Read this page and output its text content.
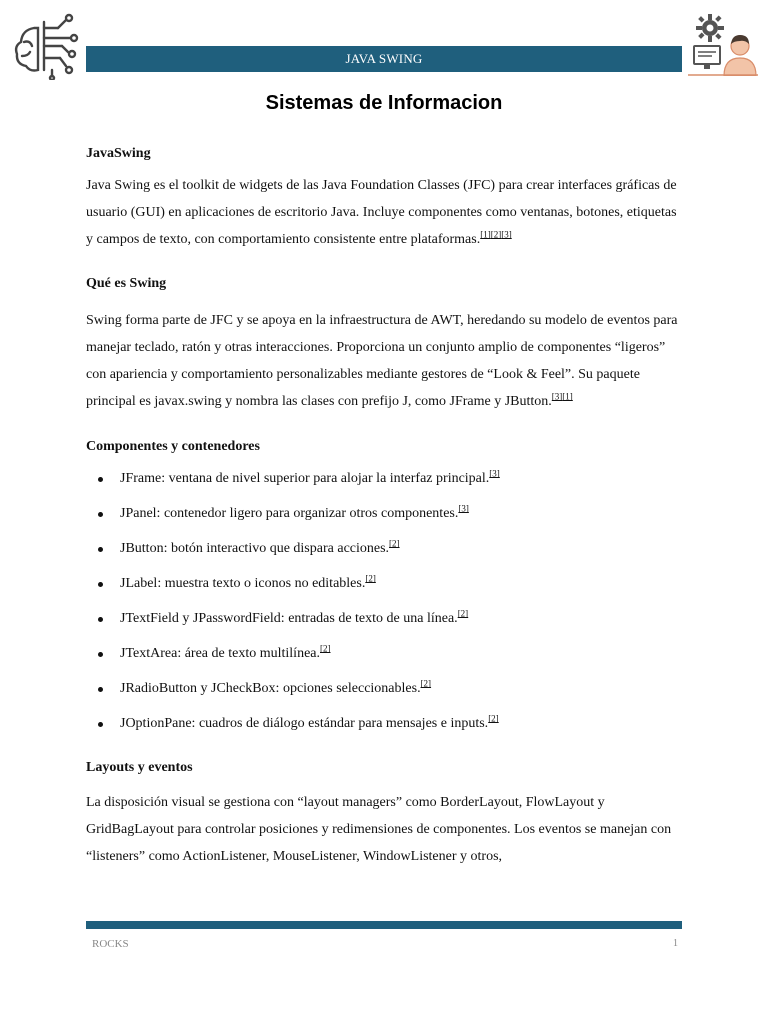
JAVA SWING
Sistemas de Informacion
JavaSwing

Java Swing es el toolkit de widgets de las Java Foundation Classes (JFC) para crear interfaces gráficas de usuario (GUI) en aplicaciones de escritorio Java. Incluye componentes como ventanas, botones, etiquetas y campos de texto, con comportamiento consistente entre plataformas.[1][2][3]

Qué es Swing

Swing forma parte de JFC y se apoya en la infraestructura de AWT, heredando su modelo de eventos para manejar teclado, ratón y otras interacciones. Proporciona un conjunto amplio de componentes “ligeros” con apariencia y comportamiento personalizables mediante gestores de “Look & Feel”. Su paquete principal es javax.swing y nombra las clases con prefijo J, como JFrame y JButton.[3][1]

Componentes y contenedores
JFrame: ventana de nivel superior para alojar la interfaz principal.[3]
JPanel: contenedor ligero para organizar otros componentes.[3]
JButton: botón interactivo que dispara acciones.[2]
JLabel: muestra texto o iconos no editables.[2]
JTextField y JPasswordField: entradas de texto de una línea.[2]
JTextArea: área de texto multilínea.[2]
JRadioButton y JCheckBox: opciones seleccionables.[2]
JOptionPane: cuadros de diálogo estándar para mensajes e inputs.[2]
Layouts y eventos

La disposición visual se gestiona con “layout managers” como BorderLayout, FlowLayout y GridBagLayout para controlar posiciones y redimensiones de componentes. Los eventos se manejan con “listeners” como ActionListener, MouseListener, WindowListener y otros,

ROCKS	1
